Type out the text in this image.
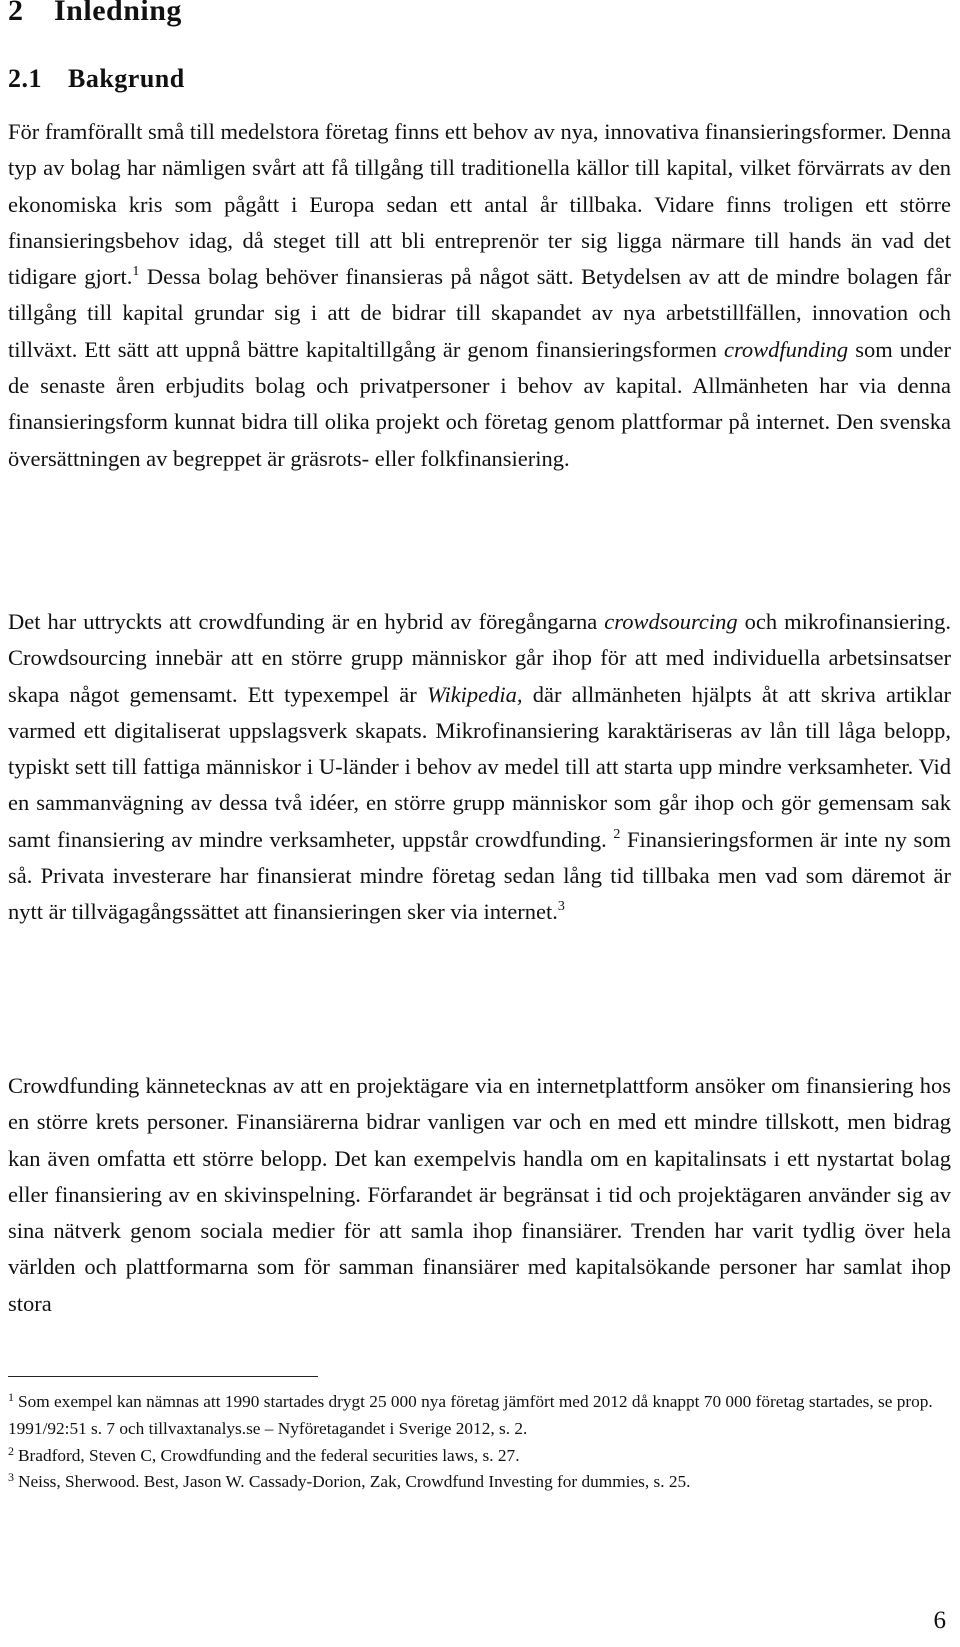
2 Inledning
2.1 Bakgrund

För framförallt små till medelstora företag finns ett behov av nya, innovativa finansieringsformer. Denna typ av bolag har nämligen svårt att få tillgång till traditionella källor till kapital, vilket förvärrats av den ekonomiska kris som pågått i Europa sedan ett antal år tillbaka. Vidare finns troligen ett större finansieringsbehov idag, då steget till att bli entreprenör ter sig ligga närmare till hands än vad det tidigare gjort.$^1$ Dessa bolag behöver finansieras på något sätt. Betydelsen av att de mindre bolagen får tillgång till kapital grundar sig i att de bidrar till skapandet av nya arbetstillfällen, innovation och tillväxt. Ett sätt att uppnå bättre kapitaltillgång är genom finansieringsformen crowdfunding som under de senaste åren erbjudits bolag och privatpersoner i behov av kapital. Allmänheten har via denna finansieringsform kunnat bidra till olika projekt och företag genom plattformar på internet. Den svenska översättningen av begreppet är gräsrots- eller folkfinansiering.

Det har uttryckts att crowdfunding är en hybrid av föregångarna crowdsourcing och mikrofinansiering. Crowdsourcing innebär att en större grupp människor går ihop för att med individuella arbetsinsatser skapa något gemensamt. Ett typexempel är Wikipedia, där allmänheten hjälpts åt att skriva artiklar varmed ett digitaliserat uppslagsverk skapats. Mikrofinansiering karaktäriseras av lån till låga belopp, typiskt sett till fattiga människor i U-länder i behov av medel till att starta upp mindre verksamheter. Vid en sammanvägning av dessa två idéer, en större grupp människor som går ihop och gör gemensam sak samt finansiering av mindre verksamheter, uppstår crowdfunding. $^2$ Finansieringsformen är inte ny som så. Privata investerare har finansierat mindre företag sedan lång tid tillbaka men vad som däremot är nytt är tillvägagångssättet att finansieringen sker via internet.$^3$

Crowdfunding kännetecknas av att en projektägare via en internetplattform ansöker om finansiering hos en större krets personer. Finansiärerna bidrar vanligen var och en med ett mindre tillskott, men bidrag kan även omfatta ett större belopp. Det kan exempelvis handla om en kapitalinsats i ett nystartat bolag eller finansiering av en skivinspelning. Förfarandet är begränsat i tid och projektägaren använder sig av sina nätverk genom sociala medier för att samla ihop finansiärer. Trenden har varit tydlig över hela världen och plattformarna som för samman finansiärer med kapitalsökande personer har samlat ihop stora

$^1$ Som exempel kan nämnas att 1990 startades drygt 25 000 nya företag jämfört med 2012 då knappt 70 000 företag startades, se prop. 1991/92:51 s. 7 och tillvaxtanalys.se – Nyföretagandet i Sverige 2012, s. 2.

$^2$ Bradford, Steven C, Crowdfunding and the federal securities laws, s. 27.

$^3$ Neiss, Sherwood. Best, Jason W. Cassady-Dorion, Zak, Crowdfund Investing for dummies, s. 25.

6
